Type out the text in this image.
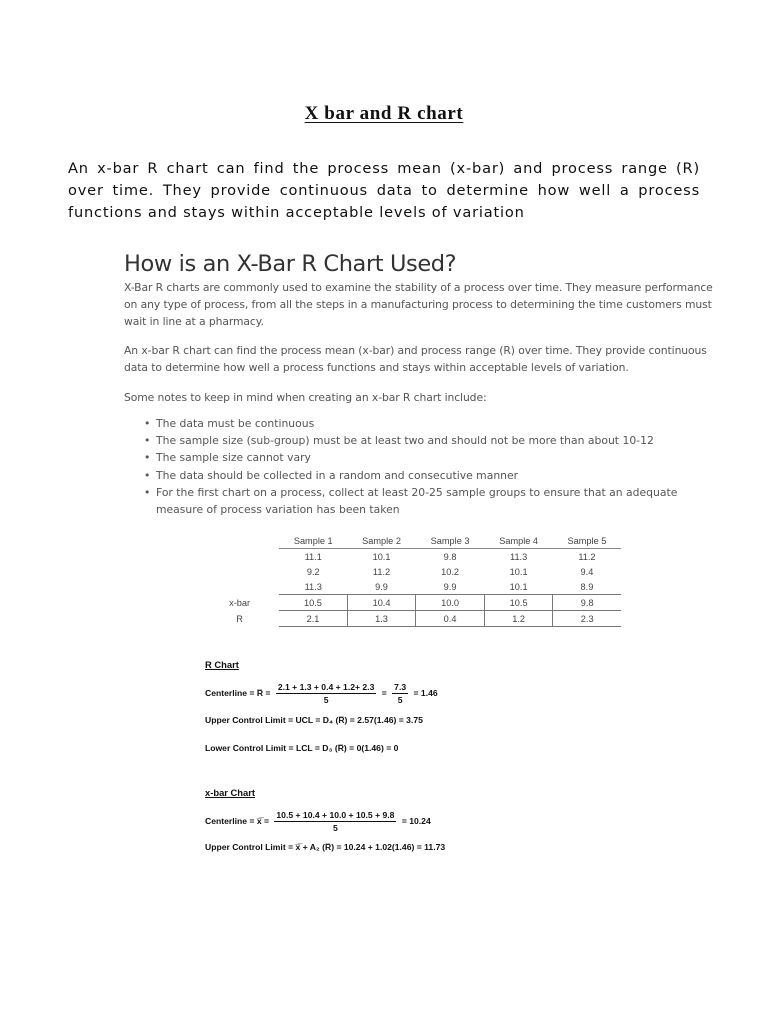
X bar and R chart
An x-bar R chart can find the process mean (x-bar) and process range (R) over time. They provide continuous data to determine how well a process functions and stays within acceptable levels of variation
How is an X-Bar R Chart Used?

X-Bar R charts are commonly used to examine the stability of a process over time. They measure performance on any type of process, from all the steps in a manufacturing process to determining the time customers must wait in line at a pharmacy.

An x-bar R chart can find the process mean (x-bar) and process range (R) over time. They provide continuous data to determine how well a process functions and stays within acceptable levels of variation.

Some notes to keep in mind when creating an x-bar R chart include:

• The data must be continuous
• The sample size (sub-group) must be at least two and should not be more than about 10-12
• The sample size cannot vary
• The data should be collected in a random and consecutive manner
• For the first chart on a process, collect at least 20-25 sample groups to ensure that an adequate measure of process variation has been taken
	Sample 1	Sample 2	Sample 3	Sample 4	Sample 5
	11.1	10.1	9.8	11.3	11.2
	9.2	11.2	10.2	10.1	9.4
	11.3	9.9	9.9	10.1	8.9
x-bar	10.5	10.4	10.0	10.5	9.8
R	2.1	1.3	0.4	1.2	2.3
R Chart
Centerline = R̅ = $\frac{2.1 + 1.3 + 0.4 + 1.2+ 2.3}{5} = \frac{7.3}{5} = 1.46$
Upper Control Limit = UCL = D₄ (R̅) = 2.57(1.46) = 3.75
Lower Control Limit = LCL = D₃ (R̅) = 0(1.46) = 0
x-bar Chart
Centerline = x̅̅ = $\frac{10.5 + 10.4 + 10.0 + 10.5 + 9.8}{5} = 10.24$
Upper Control Limit = x̅̅ + A₂ (R̅) = 10.24 + 1.02(1.46) = 11.73
